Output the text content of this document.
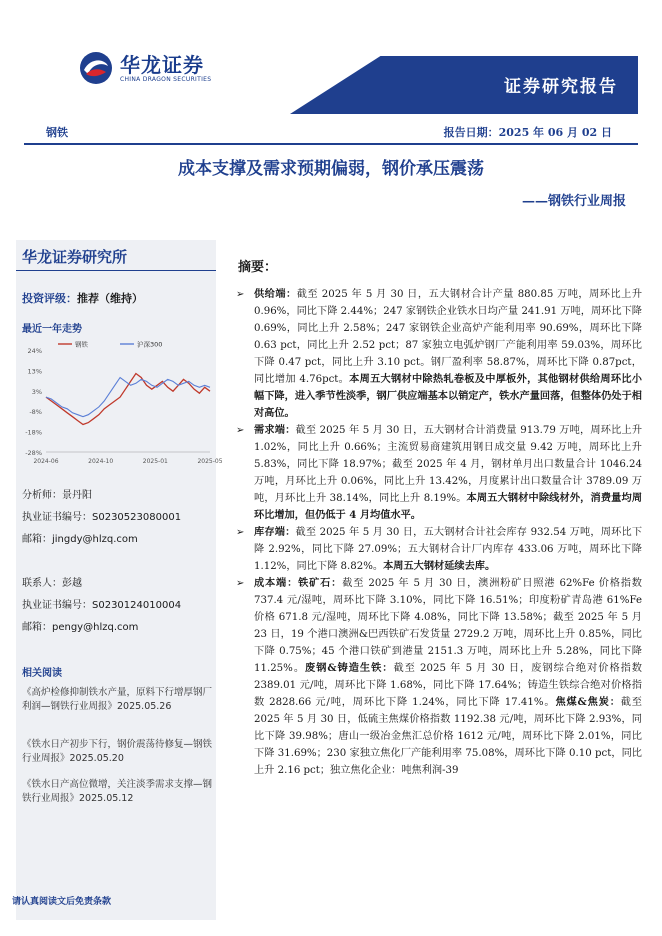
华龙证券
CHINA DRAGON SECURITIES	证券研究报告
钢铁	报告日期：2025 年 06 月 02 日
成本支撑及需求预期偏弱，钢价承压震荡
——钢铁行业周报
华龙证券研究所
投资评级：推荐（维持）
最近一年走势
24%
13%
3%
-8%
-18%
-28%
2024-06	2024-10	2025-01	2025-05
钢铁	沪深300
分析师：景丹阳
执业证书编号：S0230523080001
邮箱：jingdy@hlzq.com
联系人：彭越
执业证书编号：S0230124010004
邮箱：pengy@hlzq.com
相关阅读
《高炉检修抑制铁水产量，原料下行增厚钢厂利润—钢铁行业周报》2025.05.26
《铁水日产初步下行，钢价震荡待修复—钢铁行业周报》2025.05.20
《铁水日产高位微增，关注淡季需求支撑—钢铁行业周报》2025.05.12
请认真阅读文后免责条款
摘要：
➢ 供给端：截至 2025 年 5 月 30 日，五大钢材合计产量 880.85 万吨，周环比上升 0.96%，同比下降 2.44%；247 家钢铁企业铁水日均产量 241.91 万吨，周环比下降 0.69%，同比上升 2.58%；247 家钢铁企业高炉产能利用率 90.69%，周环比下降 0.63 pct，同比上升 2.52 pct；87 家独立电弧炉钢厂产能利用率 59.03%，周环比下降 0.47 pct，同比上升 3.10 pct。钢厂盈利率 58.87%，周环比下降 0.87pct，同比增加 4.76pct。本周五大钢材中除热轧卷板及中厚板外，其他钢材供给周环比小幅下降，进入季节性淡季，钢厂供应端基本以销定产，铁水产量回落，但整体仍处于相对高位。
➢ 需求端：截至 2025 年 5 月 30 日，五大钢材合计消费量 913.79 万吨，周环比上升 1.02%，同比上升 0.66%；主流贸易商建筑用钢日成交量 9.42 万吨，周环比上升 5.83%，同比下降 18.97%；截至 2025 年 4 月，钢材单月出口数量合计 1046.24 万吨，月环比上升 0.06%，同比上升 13.42%，月度累计出口数量合计 3789.09 万吨，月环比上升 38.14%，同比上升 8.19%。本周五大钢材中除线材外，消费量均周环比增加，但仍低于 4 月均值水平。
➢ 库存端：截至 2025 年 5 月 30 日，五大钢材合计社会库存 932.54 万吨，周环比下降 2.92%，同比下降 27.09%；五大钢材合计厂内库存 433.06 万吨，周环比下降 1.12%，同比下降 8.82%。本周五大钢材延续去库。
➢ 成本端：铁矿石：截至 2025 年 5 月 30 日，澳洲粉矿日照港 62%Fe 价格指数 737.4 元/湿吨，周环比下降 3.10%，同比下降 16.51%；印度粉矿青岛港 61%Fe 价格 671.8 元/湿吨，周环比下降 4.08%，同比下降 13.58%；截至 2025 年 5 月 23 日，19 个港口澳洲&巴西铁矿石发货量 2729.2 万吨，周环比上升 0.85%，同比下降 0.75%；45 个港口铁矿到港量 2151.3 万吨，周环比上升 5.28%，同比下降 11.25%。废钢&铸造生铁：截至 2025 年 5 月 30 日，废钢综合绝对价格指数 2389.01 元/吨，周环比下降 1.68%，同比下降 17.64%；铸造生铁综合绝对价格指数 2828.66 元/吨，周环比下降 1.24%，同比下降 17.41%。焦煤&焦炭：截至 2025 年 5 月 30 日，低硫主焦煤价格指数 1192.38 元/吨，周环比下降 2.93%，同比下降 39.98%；唐山一级冶金焦汇总价格 1612 元/吨，周环比下降 2.01%，同比下降 31.69%；230 家独立焦化厂产能利用率 75.08%，周环比下降 0.10 pct，同比上升 2.16 pct；独立焦化企业：吨焦利润-39
